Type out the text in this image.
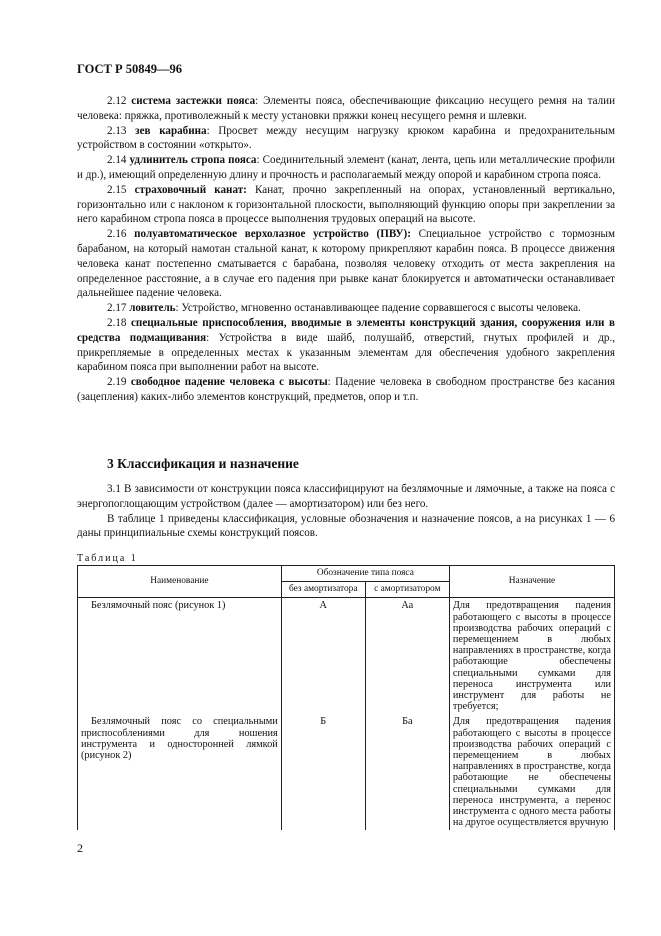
ГОСТ Р 50849—96

2.12 система застежки пояса: Элементы пояса, обеспечивающие фиксацию несущего ремня на талии человека: пряжка, противолежный к месту установки пряжки конец несущего ремня и шлевки.

2.13 зев карабина: Просвет между несущим нагрузку крюком карабина и предохранительным устройством в состоянии «открыто».

2.14 удлинитель стропа пояса: Соединительный элемент (канат, лента, цепь или металлические профили и др.), имеющий определенную длину и прочность и располагаемый между опорой и карабином стропа пояса.

2.15 страховочный канат: Канат, прочно закрепленный на опорах, установленный вертикально, горизонтально или с наклоном к горизонтальной плоскости, выполняющий функцию опоры при закреплении за него карабином стропа пояса в процессе выполнения трудовых операций на высоте.

2.16 полуавтоматическое верхолазное устройство (ПВУ): Специальное устройство с тормозным барабаном, на который намотан стальной канат, к которому прикрепляют карабин пояса. В процессе движения человека канат постепенно сматывается с барабана, позволяя человеку отходить от места закрепления на определенное расстояние, а в случае его падения при рывке канат блокируется и автоматически останавливает дальнейшее падение человека.

2.17 ловитель: Устройство, мгновенно останавливающее падение сорвавшегося с высоты человека.

2.18 специальные приспособления, вводимые в элементы конструкций здания, сооружения или в средства подмащивания: Устройства в виде шайб, полушайб, отверстий, гнутых профилей и др., прикрепляемые в определенных местах к указанным элементам для обеспечения удобного закрепления карабином пояса при выполнении работ на высоте.

2.19 свободное падение человека с высоты: Падение человека в свободном пространстве без касания (зацепления) каких-либо элементов конструкций, предметов, опор и т.п.

3 Классификация и назначение

3.1 В зависимости от конструкции пояса классифицируют на безлямочные и лямочные, а также на пояса с энергопоглощающим устройством (далее — амортизатором) или без него.

В таблице 1 приведены классификация, условные обозначения и назначение поясов, а на рисунках 1 — 6 даны принципиальные схемы конструкций поясов.

Таблица 1
Наименование	Обозначение типа пояса		Назначение
	без амортизатора	с амортизатором	
Безлямочный пояс (рисунок 1)	А	Аа	Для предотвращения падения работающего с высоты в процессе производства рабочих операций с перемещением в любых направлениях в пространстве, когда работающие обеспечены специальными сумками для переноса инструмента или инструмент для работы не требуется;
Безлямочный пояс со специальными приспособлениями для ношения инструмента и односторонней лямкой (рисунок 2)	Б	Ба	Для предотвращения падения работающего с высоты в процессе производства рабочих операций с перемещением в любых направлениях в пространстве, когда работающие не обеспечены специальными сумками для переноса инструмента, а перенос инструмента с одного места работы на другое осуществляется вручную
2
